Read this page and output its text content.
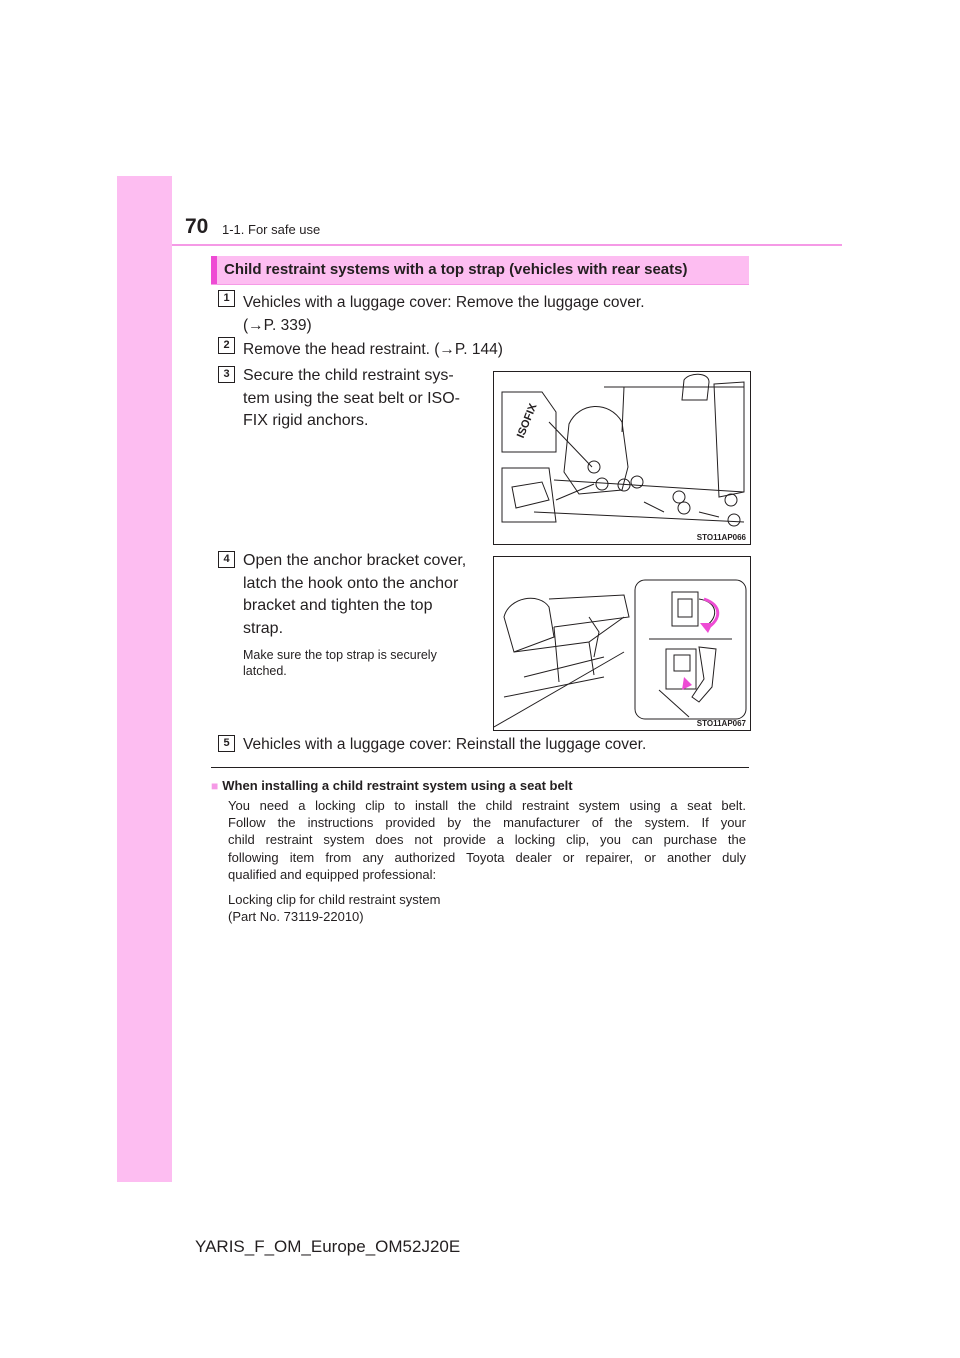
70 1-1. For safe use
Child restraint systems with a top strap (vehicles with rear seats)
1 Vehicles with a luggage cover: Remove the luggage cover.
(→P. 339)
2 Remove the head restraint. (→P. 144)
3 Secure the child restraint sys-
tem using the seat belt or ISO-
FIX rigid anchors.	ISOFIX
STO11AP066
4 Open the anchor bracket cover,
latch the hook onto the anchor
bracket and tighten the top
strap.
Make sure the top strap is securely
latched.
STO11AP067
5 Vehicles with a luggage cover: Reinstall the luggage cover.
■ When installing a child restraint system using a seat belt
You need a locking clip to install the child restraint system using a seat belt.
Follow the instructions provided by the manufacturer of the system. If your
child restraint system does not provide a locking clip, you can purchase the
following item from any authorized Toyota dealer or repairer, or another duly
qualified and equipped professional:
Locking clip for child restraint system
(Part No. 73119-22010)
YARIS_F_OM_Europe_OM52J20E
